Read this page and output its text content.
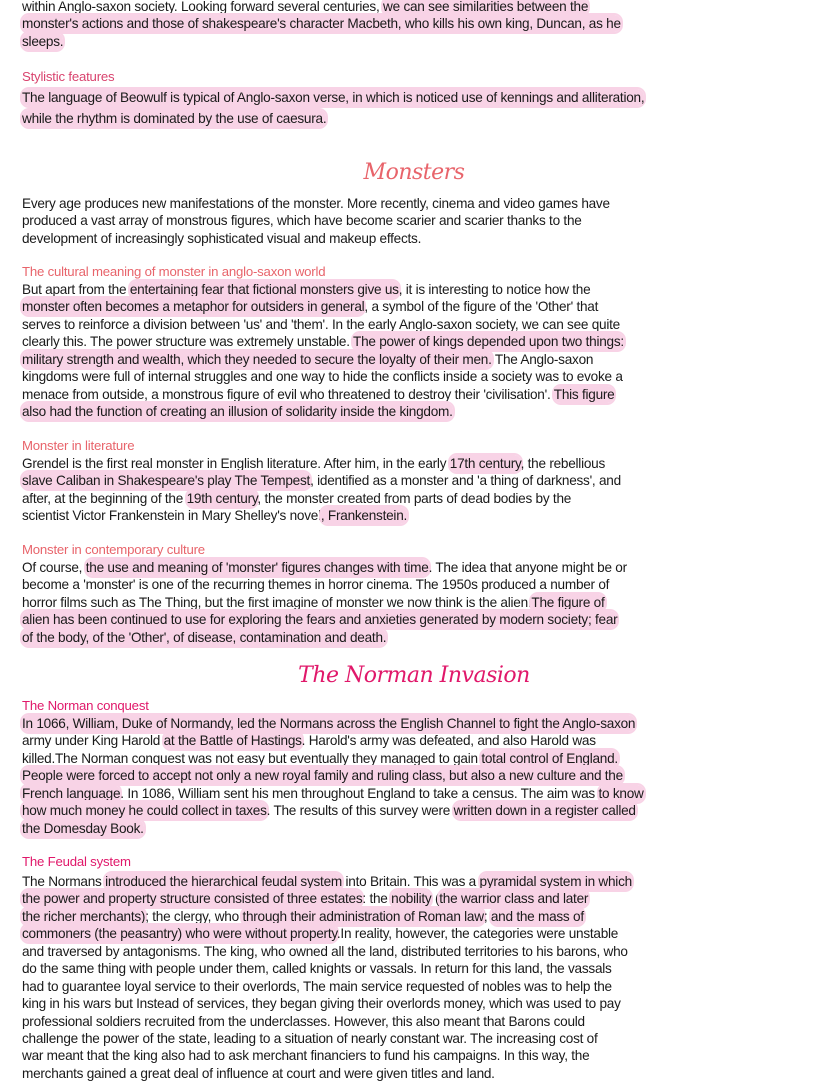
within Anglo-saxon society. Looking forward several centuries, we can see similarities between the
monster's actions and those of shakespeare's character Macbeth, who kills his own king, Duncan, as he
sleeps.
Stylistic features
The language of Beowulf is typical of Anglo-saxon verse, in which is noticed use of kennings and alliteration,
while the rhythm is dominated by the use of caesura.
Monsters
Every age produces new manifestations of the monster. More recently, cinema and video games have
produced a vast array of monstrous figures, which have become scarier and scarier thanks to the
development of increasingly sophisticated visual and makeup effects.
The cultural meaning of monster in anglo-saxon world
But apart from the entertaining fear that fictional monsters give us, it is interesting to notice how the
monster often becomes a metaphor for outsiders in general, a symbol of the figure of the 'Other' that
serves to reinforce a division between 'us' and 'them'. In the early Anglo-saxon society, we can see quite
clearly this. The power structure was extremely unstable. The power of kings depended upon two things:
military strength and wealth, which they needed to secure the loyalty of their men. The Anglo-saxon
kingdoms were full of internal struggles and one way to hide the conflicts inside a society was to evoke a
menace from outside, a monstrous figure of evil who threatened to destroy their 'civilisation'. This figure
also had the function of creating an illusion of solidarity inside the kingdom.
Monster in literature
Grendel is the first real monster in English literature. After him, in the early 17th century, the rebellious
slave Caliban in Shakespeare's play The Tempest, identified as a monster and 'a thing of darkness', and
after, at the beginning of the 19th century, the monster created from parts of dead bodies by the
scientist Victor Frankenstein in Mary Shelley's novel, Frankenstein.
Monster in contemporary culture
Of course, the use and meaning of 'monster' figures changes with time. The idea that anyone might be or
become a 'monster' is one of the recurring themes in horror cinema. The 1950s produced a number of
horror films such as The Thing, but the first imagine of monster we now think is the alien.The figure of
alien has been continued to use for exploring the fears and anxieties generated by modern society; fear
of the body, of the 'Other', of disease, contamination and death.
The Norman Invasion
The Norman conquest
In 1066, William, Duke of Normandy, led the Normans across the English Channel to fight the Anglo-saxon
army under King Harold at the Battle of Hastings. Harold's army was defeated, and also Harold was
killed.The Norman conquest was not easy but eventually they managed to gain total control of England.
People were forced to accept not only a new royal family and ruling class, but also a new culture and the
French language. In 1086, William sent his men throughout England to take a census. The aim was to know
how much money he could collect in taxes. The results of this survey were written down in a register called
the Domesday Book.
The Feudal system
The Normans introduced the hierarchical feudal system into Britain. This was a pyramidal system in which
the power and property structure consisted of three estates: the nobility (the warrior class and later
the richer merchants); the clergy, who through their administration of Roman law; and the mass of
commoners (the peasantry) who were without property.In reality, however, the categories were unstable
and traversed by antagonisms. The king, who owned all the land, distributed territories to his barons, who
do the same thing with people under them, called knights or vassals. In return for this land, the vassals
had to guarantee loyal service to their overlords, The main service requested of nobles was to help the
king in his wars but Instead of services, they began giving their overlords money, which was used to pay
professional soldiers recruited from the underclasses. However, this also meant that Barons could
challenge the power of the state, leading to a situation of nearly constant war. The increasing cost of
war meant that the king also had to ask merchant financiers to fund his campaigns. In this way, the
merchants gained a great deal of influence at court and were given titles and land.
